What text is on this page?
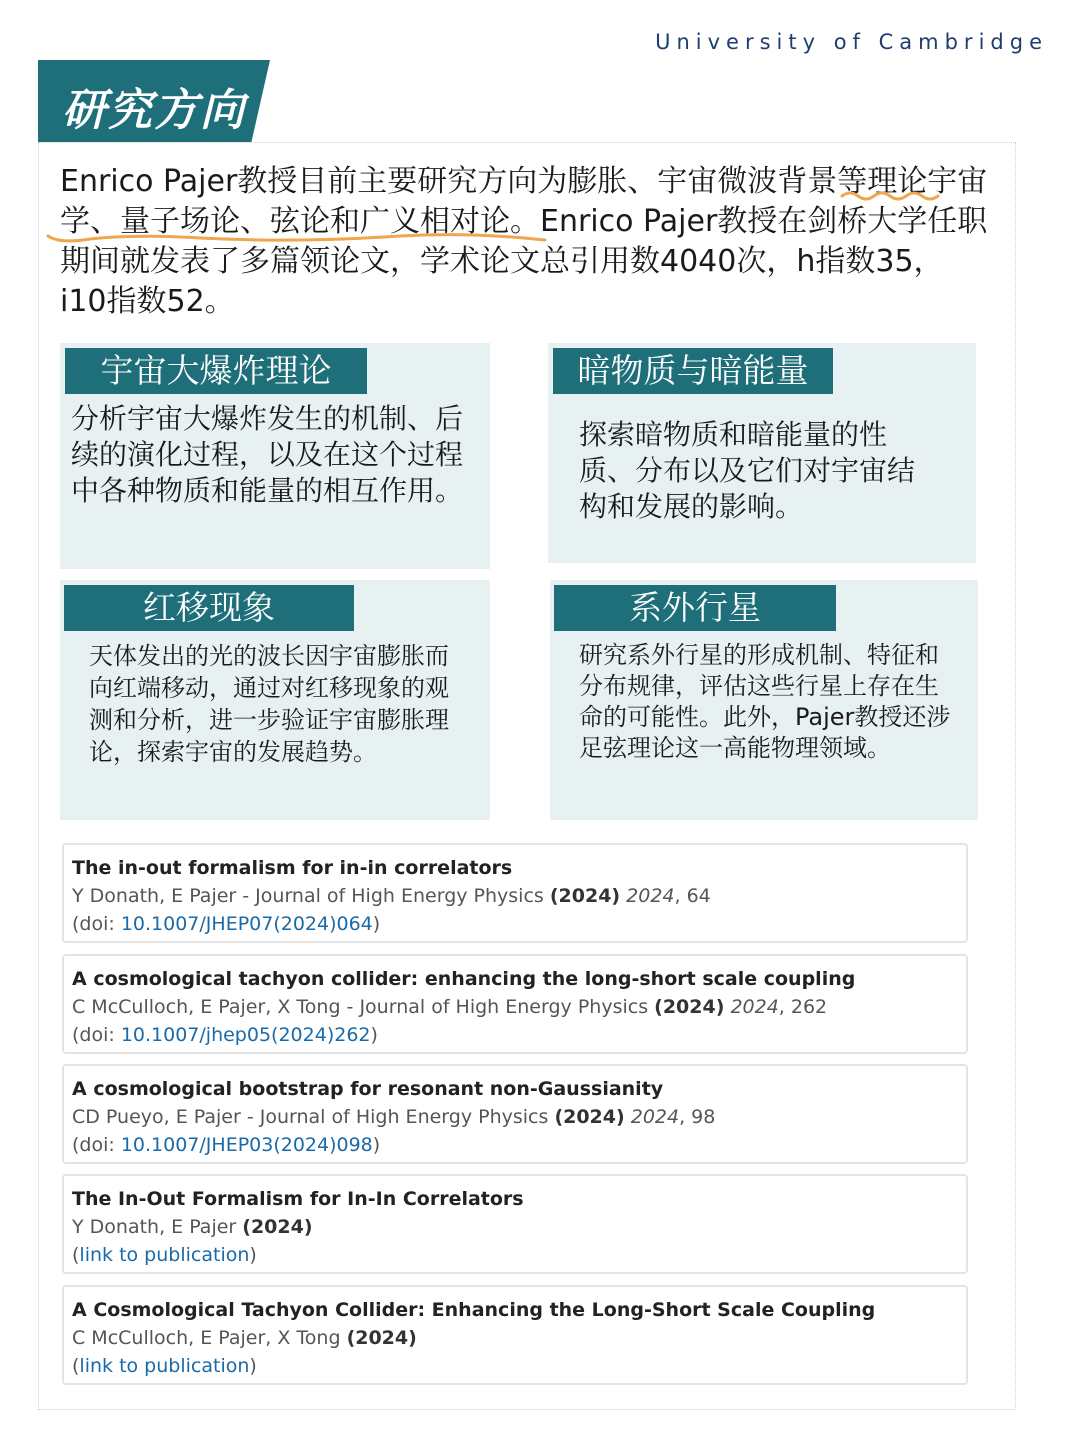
University of Cambridge
研究方向
Enrico Pajer教授目前主要研究方向为膨胀、宇宙微波背景等理论宇宙学、量子场论、弦论和广义相对论。Enrico Pajer教授在剑桥大学任职期间就发表了多篇领论文，学术论文总引用数4040次，h指数35，i10指数52。
宇宙大爆炸理论
分析宇宙大爆炸发生的机制、后续的演化过程，以及在这个过程中各种物质和能量的相互作用。
暗物质与暗能量
探索暗物质和暗能量的性质、分布以及它们对宇宙结构和发展的影响。
红移现象
天体发出的光的波长因宇宙膨胀而向红端移动，通过对红移现象的观测和分析，进一步验证宇宙膨胀理论，探索宇宙的发展趋势。
系外行星
研究系外行星的形成机制、特征和分布规律，评估这些行星上存在生命的可能性。此外，Pajer教授还涉足弦理论这一高能物理领域。
The in-out formalism for in-in correlators
Y Donath, E Pajer - Journal of High Energy Physics (2024) 2024, 64
(doi: 10.1007/JHEP07(2024)064)
A cosmological tachyon collider: enhancing the long-short scale coupling
C McCulloch, E Pajer, X Tong - Journal of High Energy Physics (2024) 2024, 262
(doi: 10.1007/jhep05(2024)262)
A cosmological bootstrap for resonant non-Gaussianity
CD Pueyo, E Pajer - Journal of High Energy Physics (2024) 2024, 98
(doi: 10.1007/JHEP03(2024)098)
The In-Out Formalism for In-In Correlators
Y Donath, E Pajer (2024)
(link to publication)
A Cosmological Tachyon Collider: Enhancing the Long-Short Scale Coupling
C McCulloch, E Pajer, X Tong (2024)
(link to publication)
